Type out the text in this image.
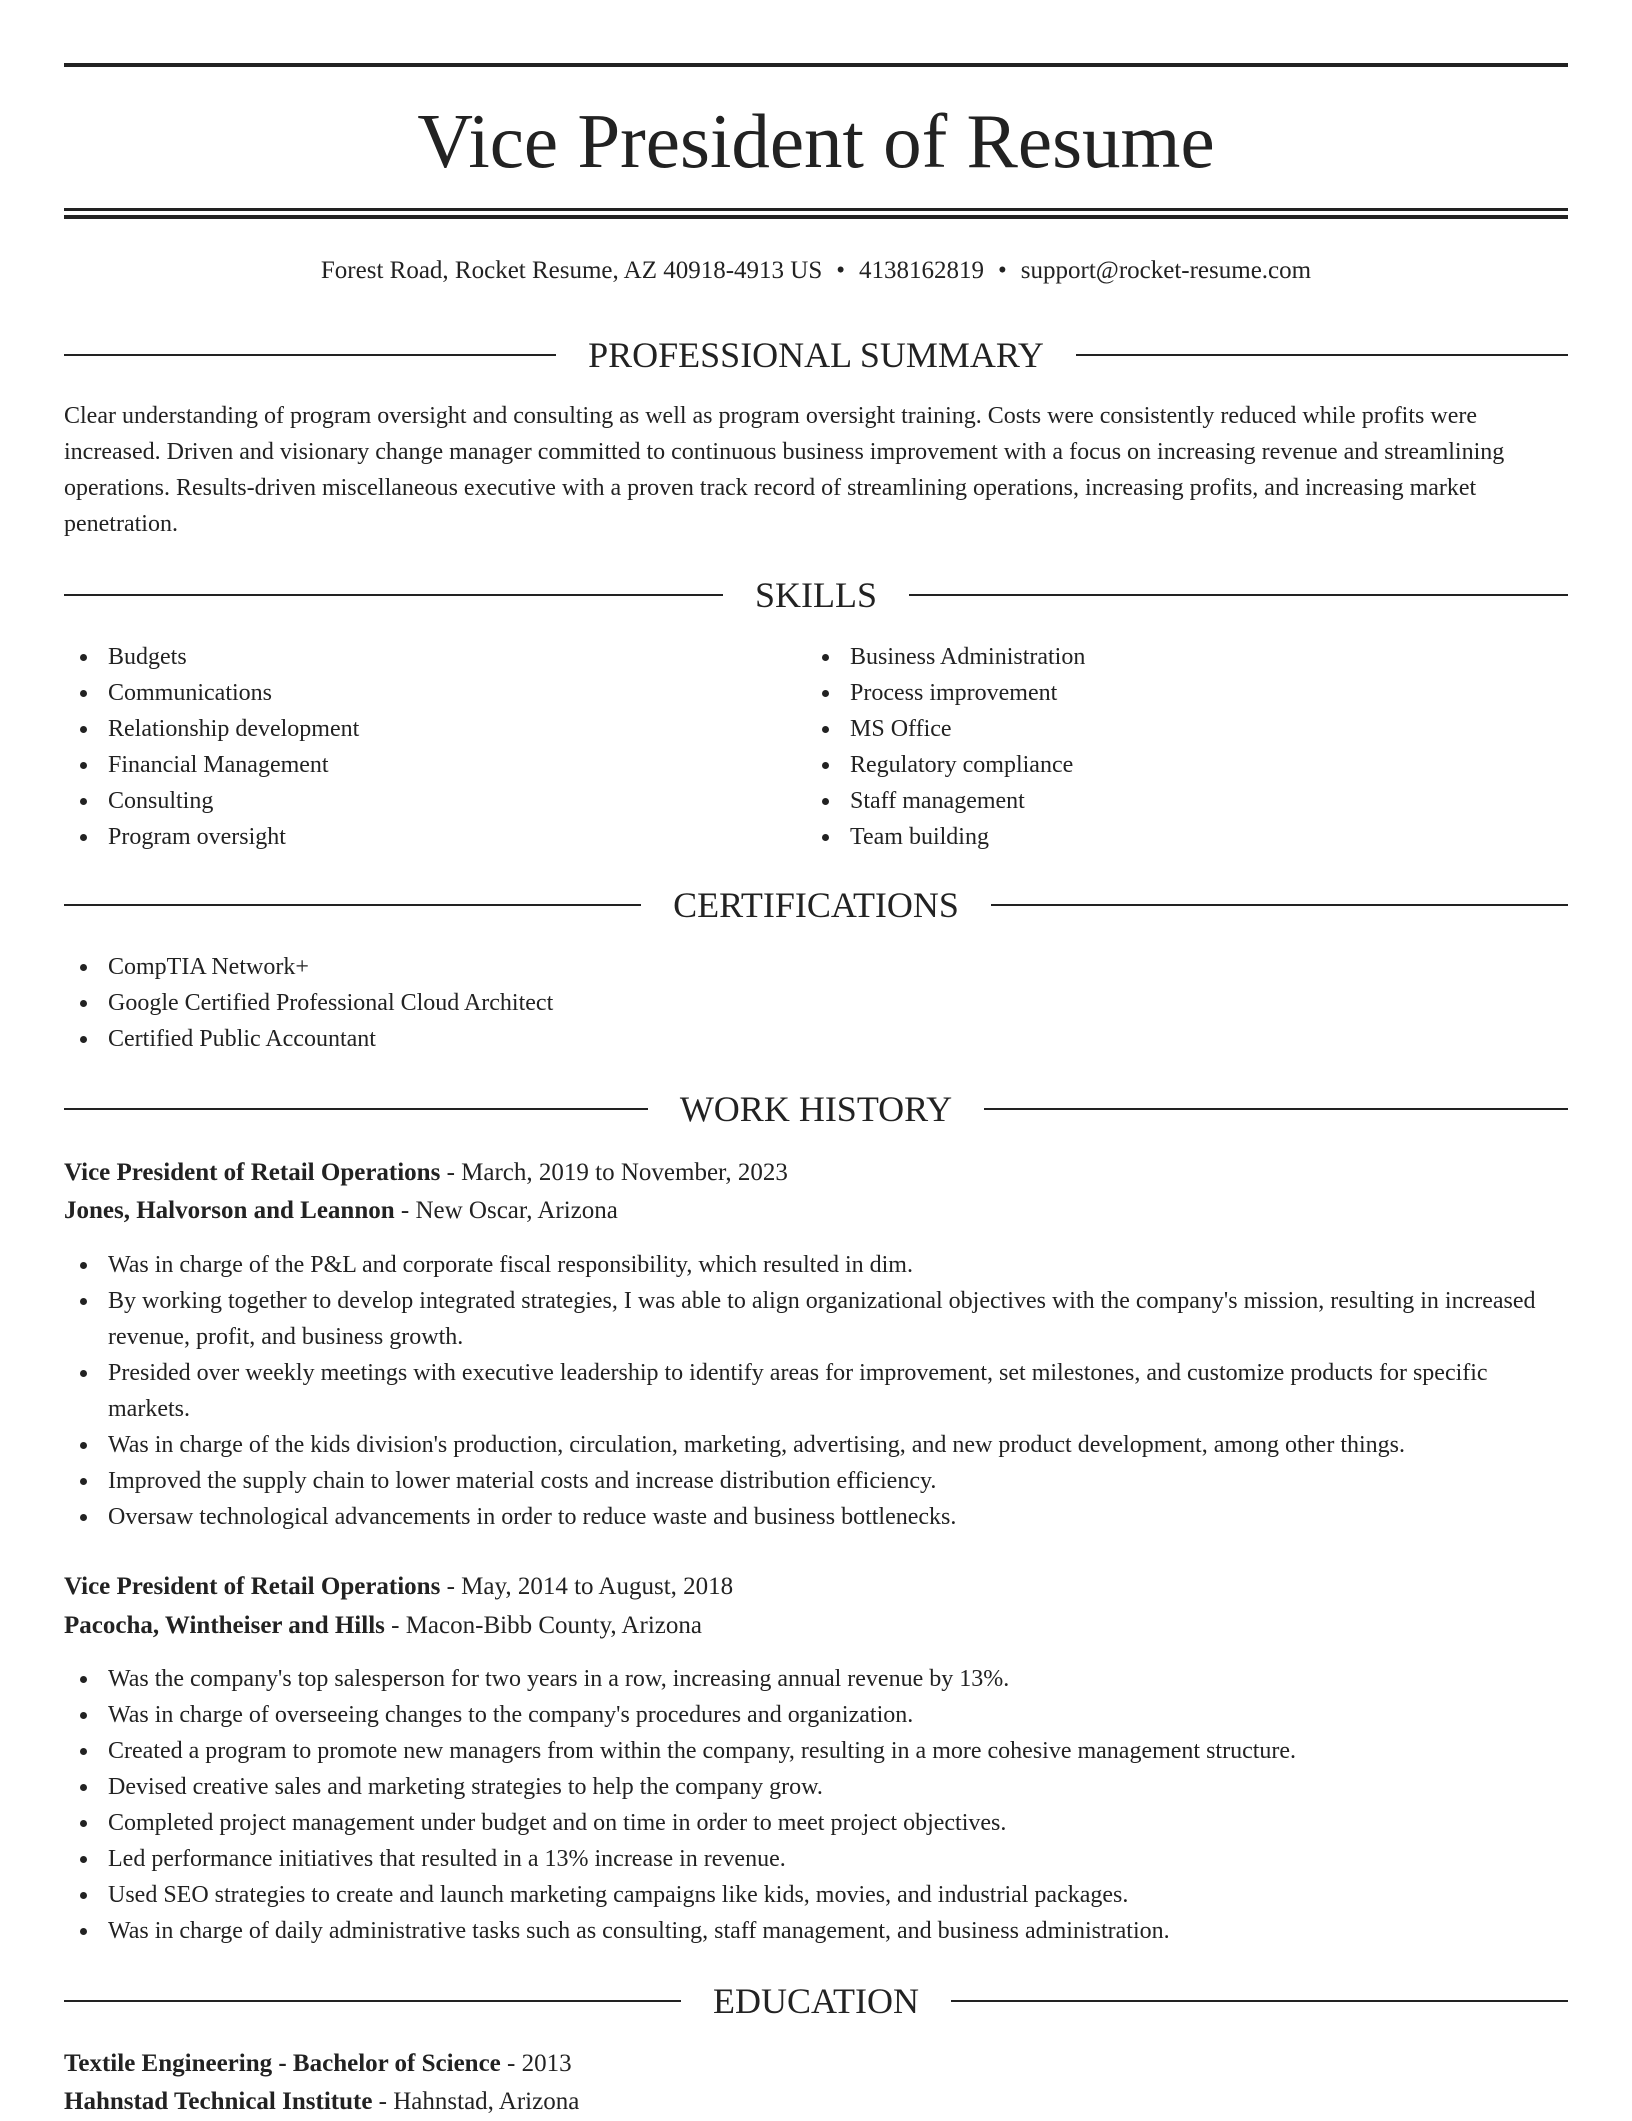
Vice President of Resume
Forest Road, Rocket Resume, AZ 40918-4913 US • 4138162819 • support@rocket-resume.com
PROFESSIONAL SUMMARY

Clear understanding of program oversight and consulting as well as program oversight training. Costs were consistently reduced while profits were increased. Driven and visionary change manager committed to continuous business improvement with a focus on increasing revenue and streamlining operations. Results-driven miscellaneous executive with a proven track record of streamlining operations, increasing profits, and increasing market penetration.

SKILLS
Budgets
Communications
Relationship development
Financial Management
Consulting
Program oversight
Business Administration
Process improvement
MS Office
Regulatory compliance
Staff management
Team building
CERTIFICATIONS
CompTIA Network+
Google Certified Professional Cloud Architect
Certified Public Accountant
WORK HISTORY
Vice President of Retail Operations - March, 2019 to November, 2023
Jones, Halvorson and Leannon - New Oscar, Arizona
Was in charge of the P&L and corporate fiscal responsibility, which resulted in dim.
By working together to develop integrated strategies, I was able to align organizational objectives with the company's mission, resulting in increased revenue, profit, and business growth.
Presided over weekly meetings with executive leadership to identify areas for improvement, set milestones, and customize products for specific markets.
Was in charge of the kids division's production, circulation, marketing, advertising, and new product development, among other things.
Improved the supply chain to lower material costs and increase distribution efficiency.
Oversaw technological advancements in order to reduce waste and business bottlenecks.
Vice President of Retail Operations - May, 2014 to August, 2018
Pacocha, Wintheiser and Hills - Macon-Bibb County, Arizona
Was the company's top salesperson for two years in a row, increasing annual revenue by 13%.
Was in charge of overseeing changes to the company's procedures and organization.
Created a program to promote new managers from within the company, resulting in a more cohesive management structure.
Devised creative sales and marketing strategies to help the company grow.
Completed project management under budget and on time in order to meet project objectives.
Led performance initiatives that resulted in a 13% increase in revenue.
Used SEO strategies to create and launch marketing campaigns like kids, movies, and industrial packages.
Was in charge of daily administrative tasks such as consulting, staff management, and business administration.
EDUCATION
Textile Engineering - Bachelor of Science - 2013
Hahnstad Technical Institute - Hahnstad, Arizona
